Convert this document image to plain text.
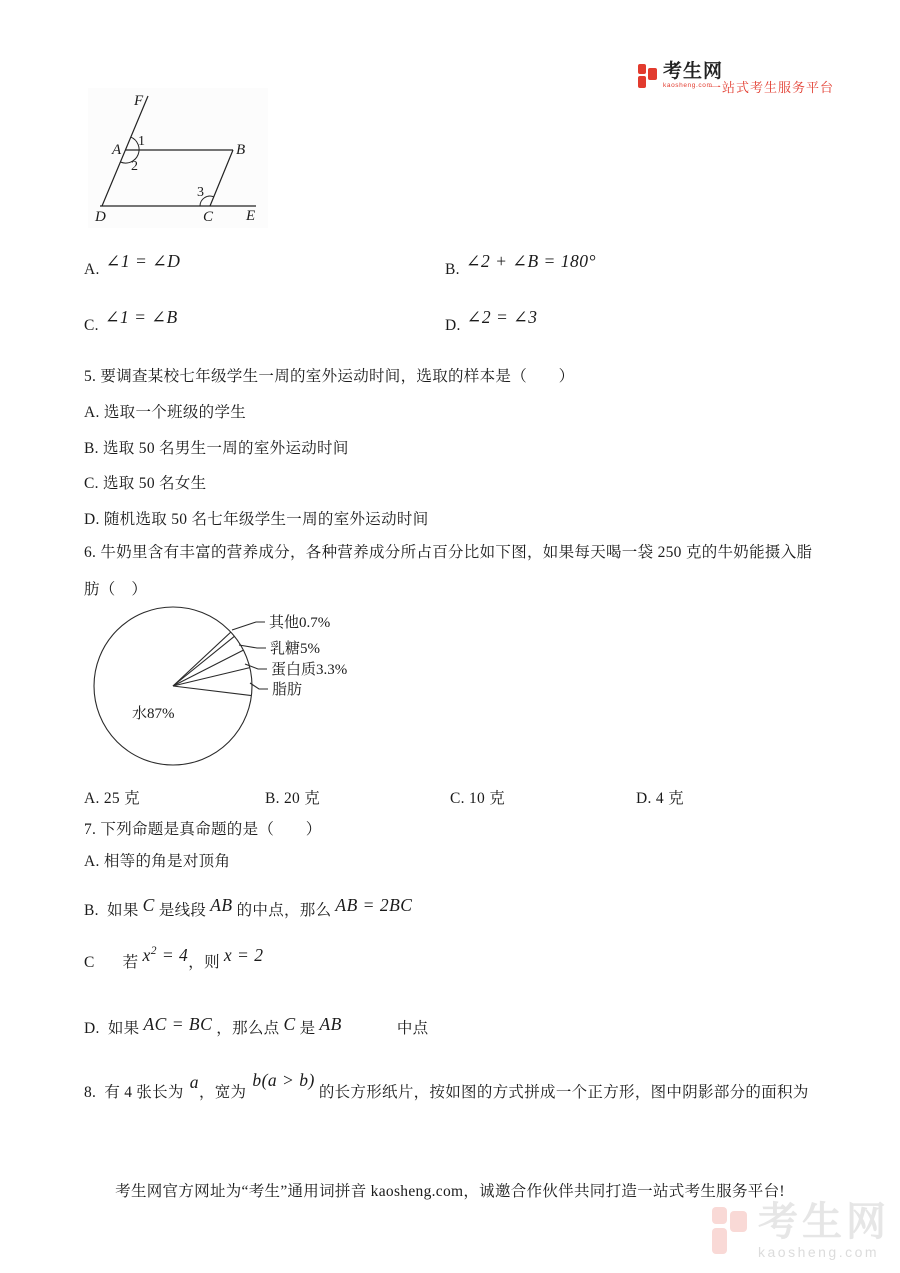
考生网
kaosheng.com
一站式考生服务平台
F
A	B
D	C E
1
2
3
A. ∠1 = ∠D	B. ∠2 + ∠B = 180°
C. ∠1 = ∠B	D. ∠2 = ∠3
5. 要调查某校七年级学生一周的室外运动时间，选取的样本是（　　）
A. 选取一个班级的学生
B. 选取 50 名男生一周的室外运动时间
C. 选取 50 名女生
D. 随机选取 50 名七年级学生一周的室外运动时间
6. 牛奶里含有丰富的营养成分，各种营养成分所占百分比如下图，如果每天喝一袋 250 克的牛奶能摄入脂
肪（　）
其他0.7%
乳糖5%
蛋白质3.3%
脂肪
水87%
A. 25 克	B. 20 克	C. 10 克	D. 4 克
7. 下列命题是真命题的是（　　）
A. 相等的角是对顶角
B. 如果 C 是线段 AB 的中点，那么 AB = 2BC
C 若 $x^2 = 4$，则 x = 2
D. 如果 AC = BC ，那么点 C 是 AB	中点
8. 有 4 张长为a，宽为b(a > b)的长方形纸片，按如图的方式拼成一个正方形，图中阴影部分的面积为
考生网官方网址为“考生”通用词拼音 kaosheng.com，诚邀合作伙伴共同打造一站式考生服务平台!
考生网
kaosheng.com
